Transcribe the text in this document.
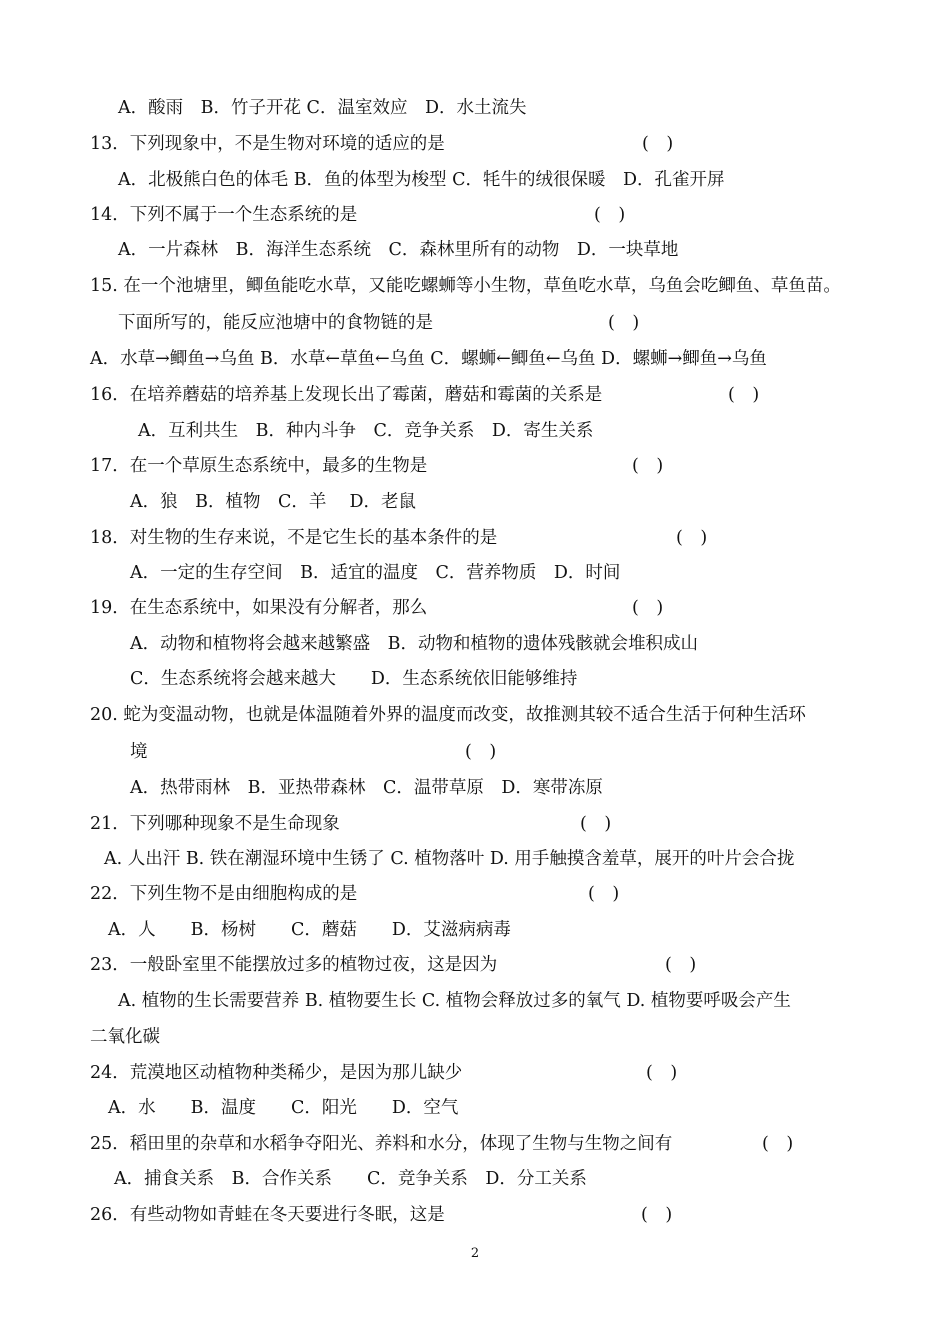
A．酸雨　B．竹子开花 C．温室效应　D．水土流失
13．下列现象中，不是生物对环境的适应的是	(　)
A．北极熊白色的体毛 B．鱼的体型为梭型 C．牦牛的绒很保暖　D．孔雀开屏
14．下列不属于一个生态系统的是	(　)
A．一片森林　B．海洋生态系统　C．森林里所有的动物　D．一块草地
15. 在一个池塘里，鲫鱼能吃水草，又能吃螺蛳等小生物，草鱼吃水草，乌鱼会吃鲫鱼、草鱼苗。
下面所写的，能反应池塘中的食物链的是	(　)
A．水草→鲫鱼→乌鱼 B．水草←草鱼←乌鱼 C．螺蛳←鲫鱼←乌鱼 D．螺蛳→鲫鱼→乌鱼
16．在培养蘑菇的培养基上发现长出了霉菌，蘑菇和霉菌的关系是	(　)
A．互利共生　B．种内斗争　C．竞争关系　D．寄生关系
17．在一个草原生态系统中，最多的生物是	(　)
A．狼　B．植物　C．羊　 D．老鼠
18．对生物的生存来说，不是它生长的基本条件的是	(　)
A．一定的生存空间　B．适宜的温度　C．营养物质　D．时间
19．在生态系统中，如果没有分解者，那么	(　)
A．动物和植物将会越来越繁盛　B．动物和植物的遗体残骸就会堆积成山
C．生态系统将会越来越大　　D．生态系统依旧能够维持
20. 蛇为变温动物，也就是体温随着外界的温度而改变，故推测其较不适合生活于何种生活环
境	(　)
A．热带雨林　B．亚热带森林　C．温带草原　D．寒带冻原
21．下列哪种现象不是生命现象	(　)
A. 人出汗 B. 铁在潮湿环境中生锈了 C. 植物落叶 D. 用手触摸含羞草，展开的叶片会合拢
22．下列生物不是由细胞构成的是	(　)
A．人　　B．杨树　　C．蘑菇　　D．艾滋病病毒
23．一般卧室里不能摆放过多的植物过夜，这是因为	(　)
A. 植物的生长需要营养 B. 植物要生长 C. 植物会释放过多的氧气 D. 植物要呼吸会产生
二氧化碳
24．荒漠地区动植物种类稀少，是因为那儿缺少	(　)
A．水　　B．温度　　C．阳光　　D．空气
25．稻田里的杂草和水稻争夺阳光、养料和水分，体现了生物与生物之间有	(　)
A．捕食关系　B．合作关系　　C．竞争关系　D．分工关系
26．有些动物如青蛙在冬天要进行冬眠，这是	(　)
2
